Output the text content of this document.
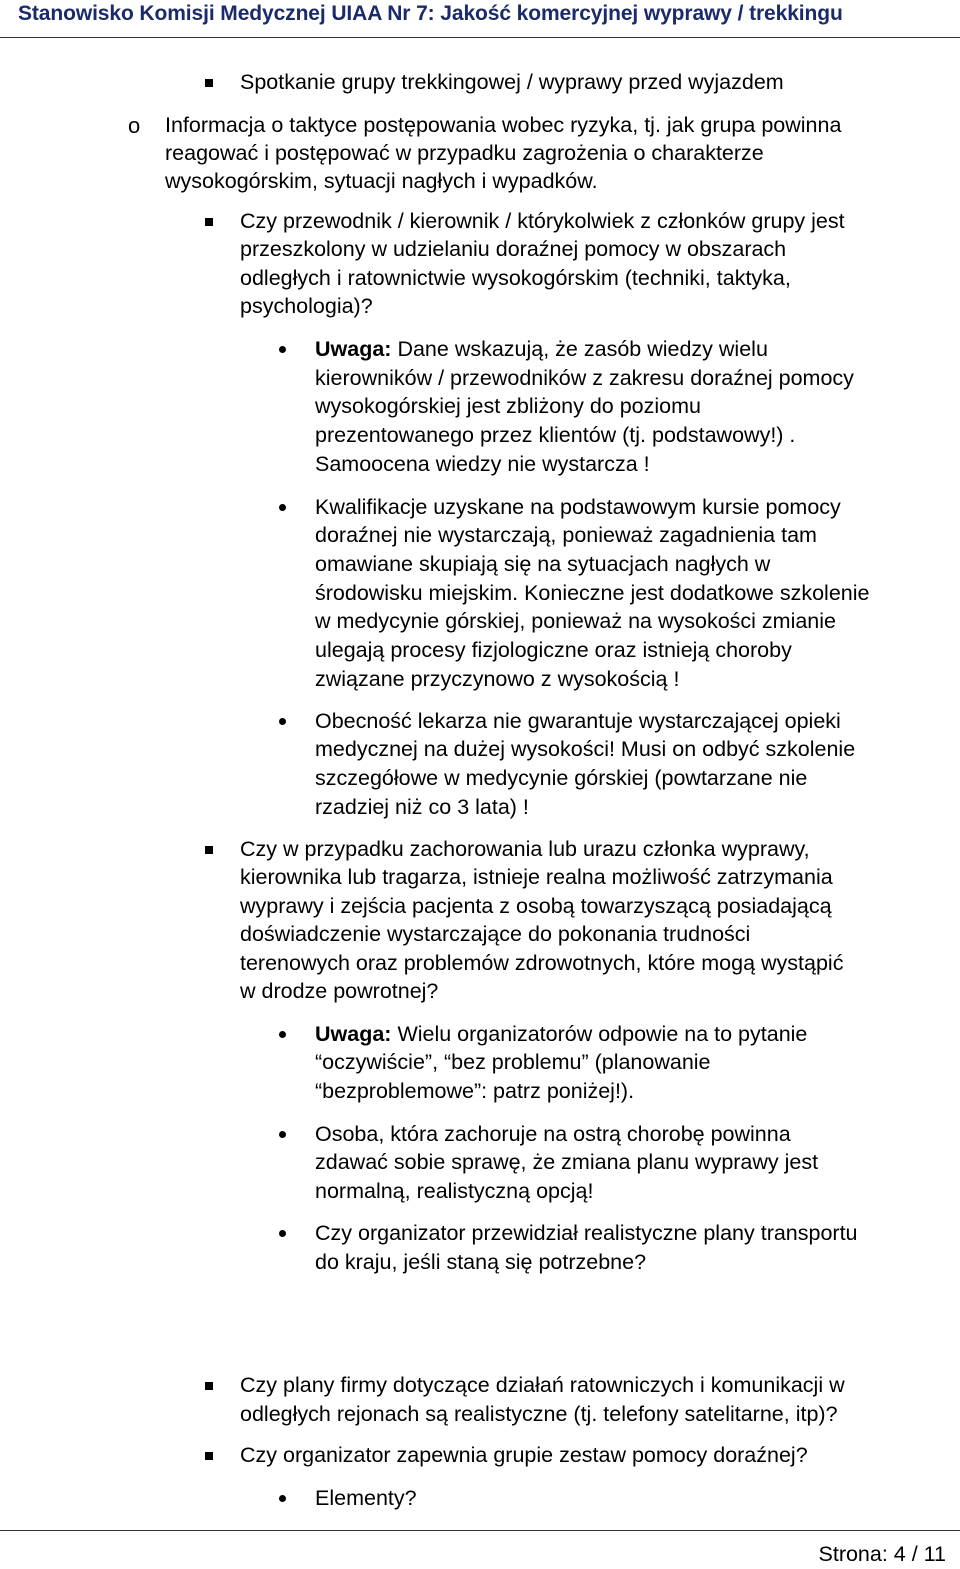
Stanowisko Komisji Medycznej UIAA Nr 7: Jakość komercyjnej wyprawy / trekkingu
Spotkanie grupy trekkingowej / wyprawy przed wyjazdem
o Informacja o taktyce postępowania wobec ryzyka, tj. jak grupa powinna
reagować i postępować w przypadku zagrożenia o charakterze
wysokogórskim, sytuacji nagłych i wypadków.
Czy przewodnik / kierownik / którykolwiek z członków grupy jest
przeszkolony w udzielaniu doraźnej pomocy w obszarach
odległych i ratownictwie wysokogórskim (techniki, taktyka,
psychologia)?
Uwaga: Dane wskazują, że zasób wiedzy wielu
kierowników / przewodników z zakresu doraźnej pomocy
wysokogórskiej jest zbliżony do poziomu
prezentowanego przez klientów (tj. podstawowy!) .
Samoocena wiedzy nie wystarcza !
Kwalifikacje uzyskane na podstawowym kursie pomocy
doraźnej nie wystarczają, ponieważ zagadnienia tam
omawiane skupiają się na sytuacjach nagłych w
środowisku miejskim. Konieczne jest dodatkowe szkolenie
w medycynie górskiej, ponieważ na wysokości zmianie
ulegają procesy fizjologiczne oraz istnieją choroby
związane przyczynowo z wysokością !
Obecność lekarza nie gwarantuje wystarczającej opieki
medycznej na dużej wysokości! Musi on odbyć szkolenie
szczegółowe w medycynie górskiej (powtarzane nie
rzadziej niż co 3 lata) !
Czy w przypadku zachorowania lub urazu członka wyprawy,
kierownika lub tragarza, istnieje realna możliwość zatrzymania
wyprawy i zejścia pacjenta z osobą towarzyszącą posiadającą
doświadczenie wystarczające do pokonania trudności
terenowych oraz problemów zdrowotnych, które mogą wystąpić
w drodze powrotnej?
Uwaga: Wielu organizatorów odpowie na to pytanie
“oczywiście”, “bez problemu” (planowanie
“bezproblemowe”: patrz poniżej!).
Osoba, która zachoruje na ostrą chorobę powinna
zdawać sobie sprawę, że zmiana planu wyprawy jest
normalną, realistyczną opcją!
Czy organizator przewidział realistyczne plany transportu
do kraju, jeśli staną się potrzebne?
Czy plany firmy dotyczące działań ratowniczych i komunikacji w
odległych rejonach są realistyczne (tj. telefony satelitarne, itp)?
Czy organizator zapewnia grupie zestaw pomocy doraźnej?
Elementy?
Strona: 4 / 11
